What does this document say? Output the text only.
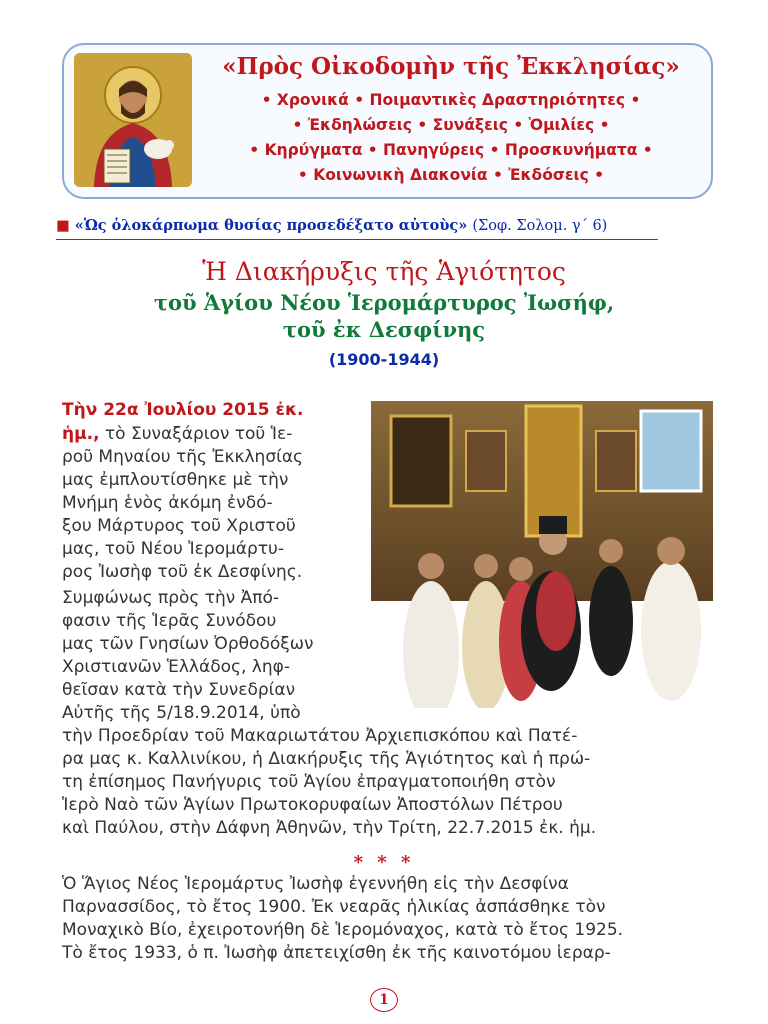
«Πρὸς Οἰκοδομὴν τῆς Ἐκκλησίας»
• Χρονικά • Ποιμαντικὲς Δραστηριότητες •
• Ἐκδηλώσεις • Συνάξεις • Ὁμιλίες •
• Κηρύγματα • Πανηγύρεις • Προσκυνήματα •
• Κοινωνικὴ Διακονία • Ἐκδόσεις •
■ «Ὡς ὁλοκάρπωμα θυσίας προσεδέξατο αὐτοὺς» (Σοφ. Σολομ. γ΄ 6)
Ἡ Διακήρυξις τῆς Ἁγιότητος
τοῦ Ἁγίου Νέου Ἱερομάρτυρος Ἰωσήφ,
τοῦ ἐκ Δεσφίνης
(1900-1944)
Τὴν 22α Ἰουλίου 2015 ἐκ.
ἡμ., τὸ Συναξάριον τοῦ Ἱε-
ροῦ Μηναίου τῆς Ἐκκλησίας
μας ἐμπλουτίσθηκε μὲ τὴν
Μνήμη ἑνὸς ἀκόμη ἐνδό-
ξου Μάρτυρος τοῦ Χριστοῦ
μας, τοῦ Νέου Ἱερομάρτυ-
ρος Ἰωσὴφ τοῦ ἐκ Δεσφίνης.
Συμφώνως πρὸς τὴν Ἀπό-
φασιν τῆς Ἱερᾶς Συνόδου
μας τῶν Γνησίων Ὀρθοδόξων
Χριστιανῶν Ἑλλάδος, ληφ-
θεῖσαν κατὰ τὴν Συνεδρίαν
Αὐτῆς τῆς 5/18.9.2014, ὑπὸ
τὴν Προεδρίαν τοῦ Μακαριωτάτου Ἀρχιεπισκόπου καὶ Πατέ-
ρα μας κ. Καλλινίκου, ἡ Διακήρυξις τῆς Ἁγιότητος καὶ ἡ πρώ-
τη ἐπίσημος Πανήγυρις τοῦ Ἁγίου ἐπραγματοποιήθη στὸν
Ἱερὸ Ναὸ τῶν Ἁγίων Πρωτοκορυφαίων Ἀποστόλων Πέτρου
καὶ Παύλου, στὴν Δάφνη Ἀθηνῶν, τὴν Τρίτη, 22.7.2015 ἐκ. ἡμ.
* * *
Ὁ Ἅγιος Νέος Ἱερομάρτυς Ἰωσὴφ ἐγεννήθη εἰς τὴν Δεσφίνα
Παρνασσίδος, τὸ ἔτος 1900. Ἐκ νεαρᾶς ἡλικίας ἀσπάσθηκε τὸν
Μοναχικὸ Βίο, ἐχειροτονήθη δὲ Ἱερομόναχος, κατὰ τὸ ἔτος 1925.
Τὸ ἔτος 1933, ὁ π. Ἰωσὴφ ἀπετειχίσθη ἐκ τῆς καινοτόμου ἱεραρ-
1
